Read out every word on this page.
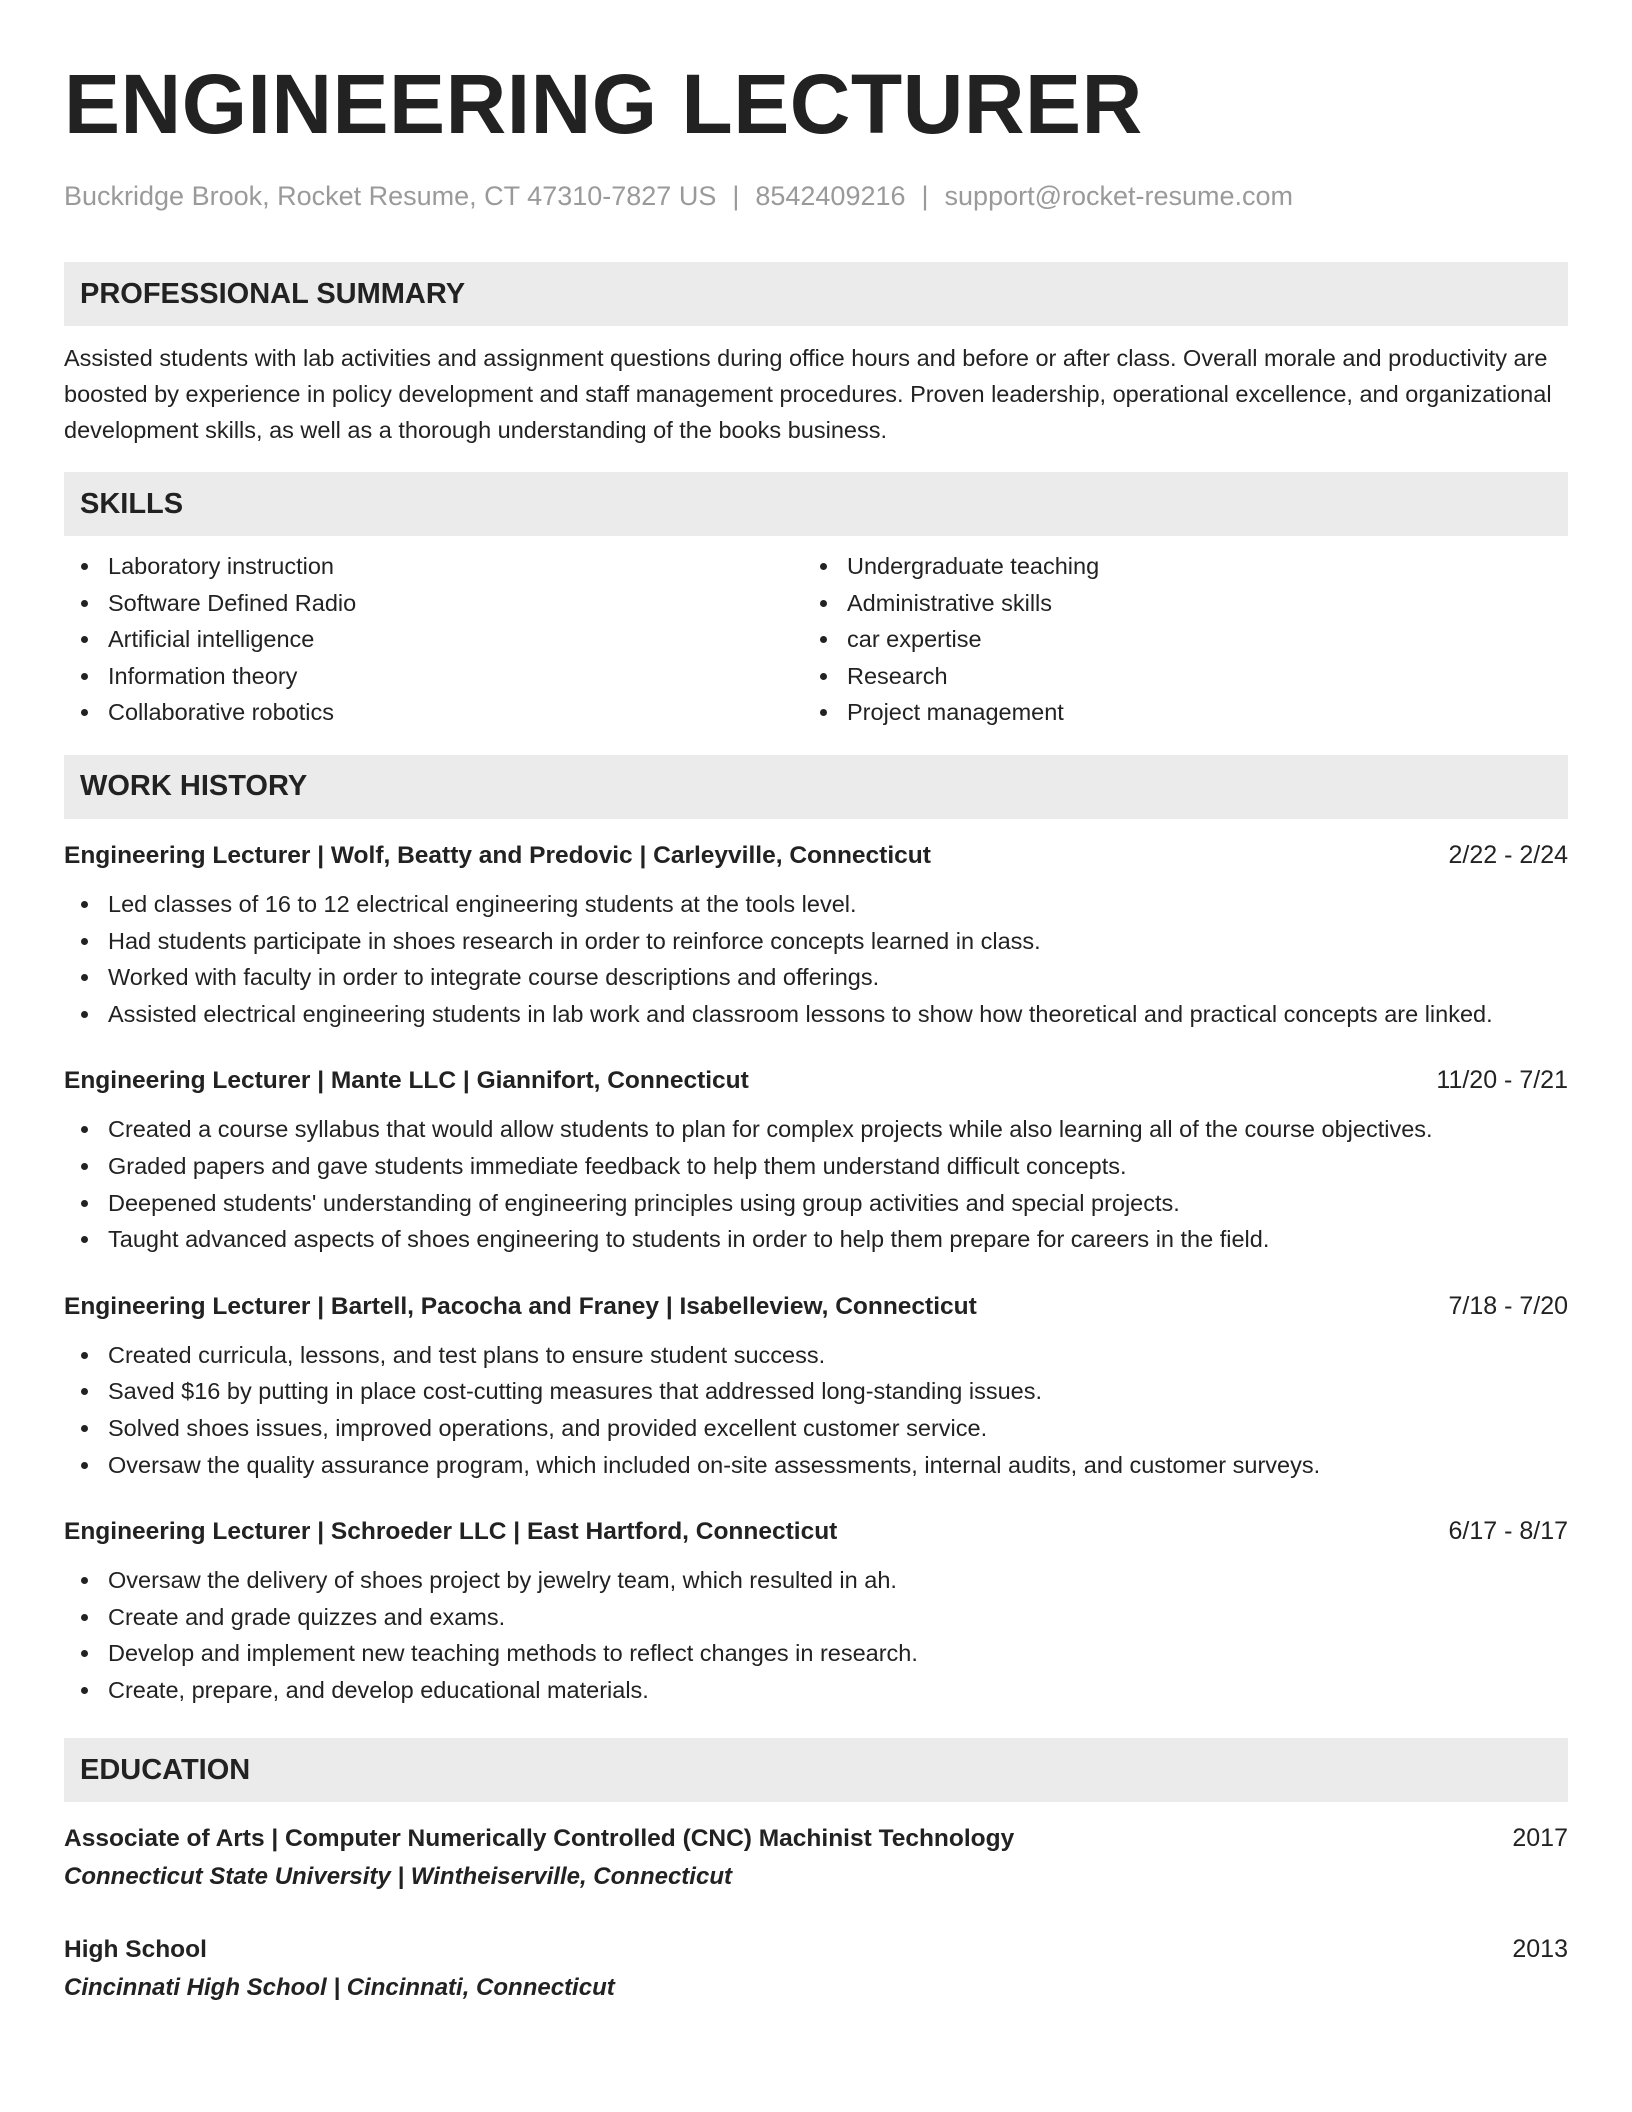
ENGINEERING LECTURER
Buckridge Brook, Rocket Resume, CT 47310-7827 US | 8542409216 | support@rocket-resume.com
PROFESSIONAL SUMMARY

Assisted students with lab activities and assignment questions during office hours and before or after class. Overall morale and productivity are boosted by experience in policy development and staff management procedures. Proven leadership, operational excellence, and organizational development skills, as well as a thorough understanding of the books business.

SKILLS
Laboratory instruction
Software Defined Radio
Artificial intelligence
Information theory
Collaborative robotics
Undergraduate teaching
Administrative skills
car expertise
Research
Project management
WORK HISTORY
Engineering Lecturer | Wolf, Beatty and Predovic | Carleyville, Connecticut	2/22 - 2/24
Led classes of 16 to 12 electrical engineering students at the tools level.
Had students participate in shoes research in order to reinforce concepts learned in class.
Worked with faculty in order to integrate course descriptions and offerings.
Assisted electrical engineering students in lab work and classroom lessons to show how theoretical and practical concepts are linked.
Engineering Lecturer | Mante LLC | Giannifort, Connecticut	11/20 - 7/21
Created a course syllabus that would allow students to plan for complex projects while also learning all of the course objectives.
Graded papers and gave students immediate feedback to help them understand difficult concepts.
Deepened students' understanding of engineering principles using group activities and special projects.
Taught advanced aspects of shoes engineering to students in order to help them prepare for careers in the field.
Engineering Lecturer | Bartell, Pacocha and Franey | Isabelleview, Connecticut	7/18 - 7/20
Created curricula, lessons, and test plans to ensure student success.
Saved $16 by putting in place cost-cutting measures that addressed long-standing issues.
Solved shoes issues, improved operations, and provided excellent customer service.
Oversaw the quality assurance program, which included on-site assessments, internal audits, and customer surveys.
Engineering Lecturer | Schroeder LLC | East Hartford, Connecticut	6/17 - 8/17
Oversaw the delivery of shoes project by jewelry team, which resulted in ah.
Create and grade quizzes and exams.
Develop and implement new teaching methods to reflect changes in research.
Create, prepare, and develop educational materials.
EDUCATION
Associate of Arts | Computer Numerically Controlled (CNC) Machinist Technology	2017
Connecticut State University | Wintheiserville, Connecticut
High School	2013
Cincinnati High School | Cincinnati, Connecticut
